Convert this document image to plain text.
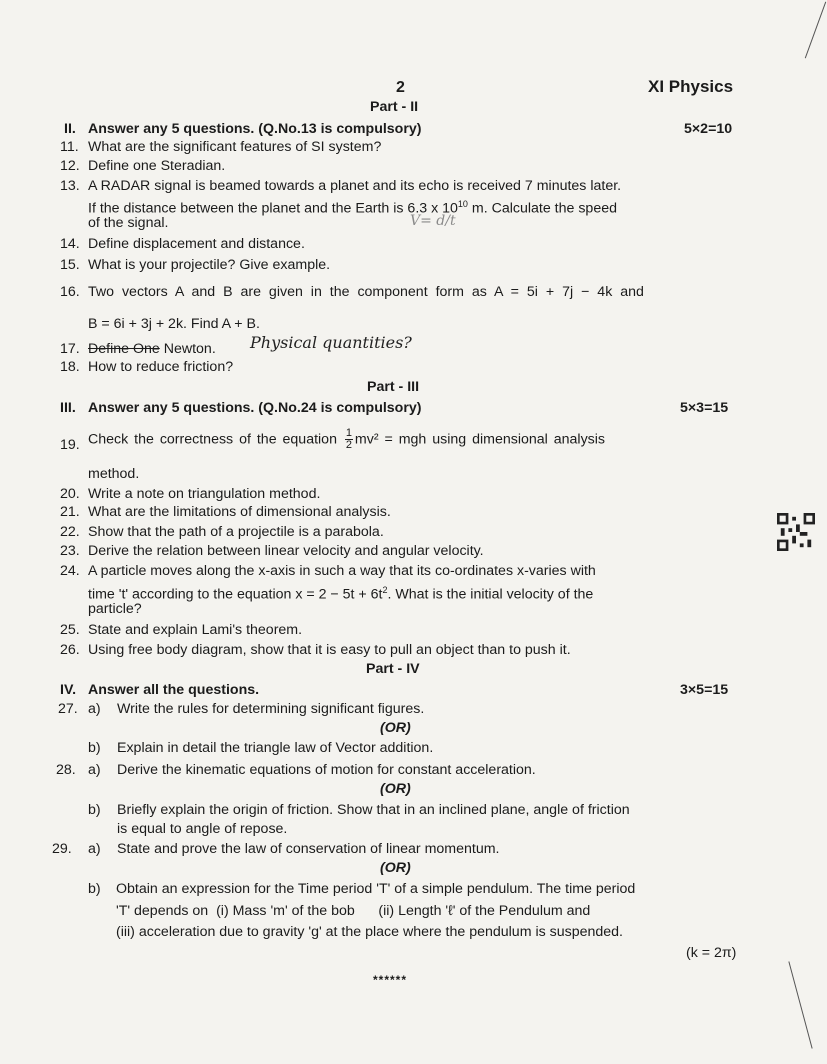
2	XI Physics
Part - II
II. Answer any 5 questions. (Q.No.13 is compulsory)	5×2=10
11. What are the significant features of SI system?
12. Define one Steradian.
13. A RADAR signal is beamed towards a planet and its echo is received 7 minutes later.
If the distance between the planet and the Earth is 6.3 x $10^{10}$ m. Calculate the speed
of the signal.	V= d/t
14. Define displacement and distance.
15. What is your projectile? Give example.
16. Two vectors A and B are given in the component form as A = 5i + 7j − 4k and
B = 6i + 3j + 2k. Find A + B.
17. Define One Newton. Physical quantities?
18. How to reduce friction?
Part - III
III. Answer any 5 questions. (Q.No.24 is compulsory)	5×3=15
19. Check the correctness of the equation $\frac{1}{2} mv^2$ = mgh using dimensional analysis
method.
20. Write a note on triangulation method.
21. What are the limitations of dimensional analysis.
22. Show that the path of a projectile is a parabola.
23. Derive the relation between linear velocity and angular velocity.
24. A particle moves along the x-axis in such a way that its co-ordinates x-varies with
time 't' according to the equation $x = 2 - 5t + 6t^2$. What is the initial velocity of the
particle?
25. State and explain Lami's theorem.
26. Using free body diagram, show that it is easy to pull an object than to push it.
Part - IV
IV. Answer all the questions.	3×5=15
27. a) Write the rules for determining significant figures.
(OR)
b) Explain in detail the triangle law of Vector addition.
28. a) Derive the kinematic equations of motion for constant acceleration.
(OR)
b) Briefly explain the origin of friction. Show that in an inclined plane, angle of friction
is equal to angle of repose.
29. a) State and prove the law of conservation of linear momentum.
(OR)
b) Obtain an expression for the Time period 'T' of a simple pendulum. The time period
'T' depends on  (i) Mass 'm' of the bob      (ii) Length 'ℓ' of the Pendulum and
(iii) acceleration due to gravity 'g' at the place where the pendulum is suspended.
(k = 2π)
******
